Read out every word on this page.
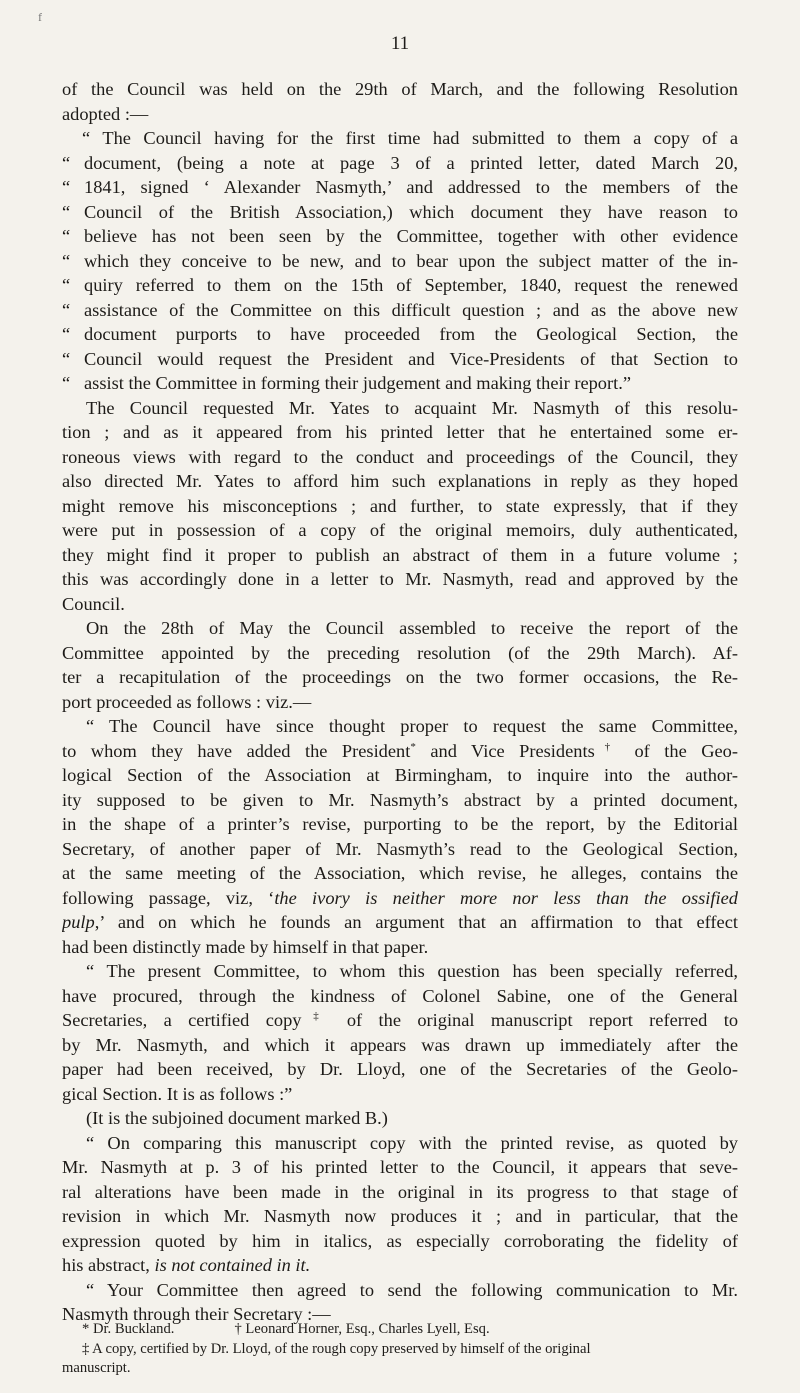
f
11
of the Council was held on the 29th of March, and the following Resolution
adopted :—
“ The Council having for the first time had submitted to them a copy of a
“ document, (being a note at page 3 of a printed letter, dated March 20,
“ 1841, signed ‘ Alexander Nasmyth,’ and addressed to the members of the
“ Council of the British Association,) which document they have reason to
“ believe has not been seen by the Committee, together with other evidence
“ which they conceive to be new, and to bear upon the subject matter of the in-
“ quiry referred to them on the 15th of September, 1840, request the renewed
“ assistance of the Committee on this difficult question ; and as the above new
“ document purports to have proceeded from the Geological Section, the
“ Council would request the President and Vice-Presidents of that Section to
“ assist the Committee in forming their judgement and making their report.”
The Council requested Mr. Yates to acquaint Mr. Nasmyth of this resolu-
tion ; and as it appeared from his printed letter that he entertained some er-
roneous views with regard to the conduct and proceedings of the Council, they
also directed Mr. Yates to afford him such explanations in reply as they hoped
might remove his misconceptions ; and further, to state expressly, that if they
were put in possession of a copy of the original memoirs, duly authenticated,
they might find it proper to publish an abstract of them in a future volume ;
this was accordingly done in a letter to Mr. Nasmyth, read and approved by the
Council.
On the 28th of May the Council assembled to receive the report of the
Committee appointed by the preceding resolution (of the 29th March). Af-
ter a recapitulation of the proceedings on the two former occasions, the Re-
port proceeded as follows : viz.—
“ The Council have since thought proper to request the same Committee,
to whom they have added the President* and Vice Presidents† of the Geo-
logical Section of the Association at Birmingham, to inquire into the author-
ity supposed to be given to Mr. Nasmyth’s abstract by a printed document,
in the shape of a printer’s revise, purporting to be the report, by the Editorial
Secretary, of another paper of Mr. Nasmyth’s read to the Geological Section,
at the same meeting of the Association, which revise, he alleges, contains the
following passage, viz, ‘the ivory is neither more nor less than the ossified
pulp,’ and on which he founds an argument that an affirmation to that effect
had been distinctly made by himself in that paper.
“ The present Committee, to whom this question has been specially referred,
have procured, through the kindness of Colonel Sabine, one of the General
Secretaries, a certified copy‡ of the original manuscript report referred to
by Mr. Nasmyth, and which it appears was drawn up immediately after the
paper had been received, by Dr. Lloyd, one of the Secretaries of the Geolo-
gical Section. It is as follows :”
(It is the subjoined document marked B.)
“ On comparing this manuscript copy with the printed revise, as quoted by
Mr. Nasmyth at p. 3 of his printed letter to the Council, it appears that seve-
ral alterations have been made in the original in its progress to that stage of
revision in which Mr. Nasmyth now produces it ; and in particular, that the
expression quoted by him in italics, as especially corroborating the fidelity of
his abstract, is not contained in it.
“ Your Committee then agreed to send the following communication to Mr.
Nasmyth through their Secretary :—
* Dr. Buckland.	† Leonard Horner, Esq., Charles Lyell, Esq.
‡ A copy, certified by Dr. Lloyd, of the rough copy preserved by himself of the original
manuscript.
